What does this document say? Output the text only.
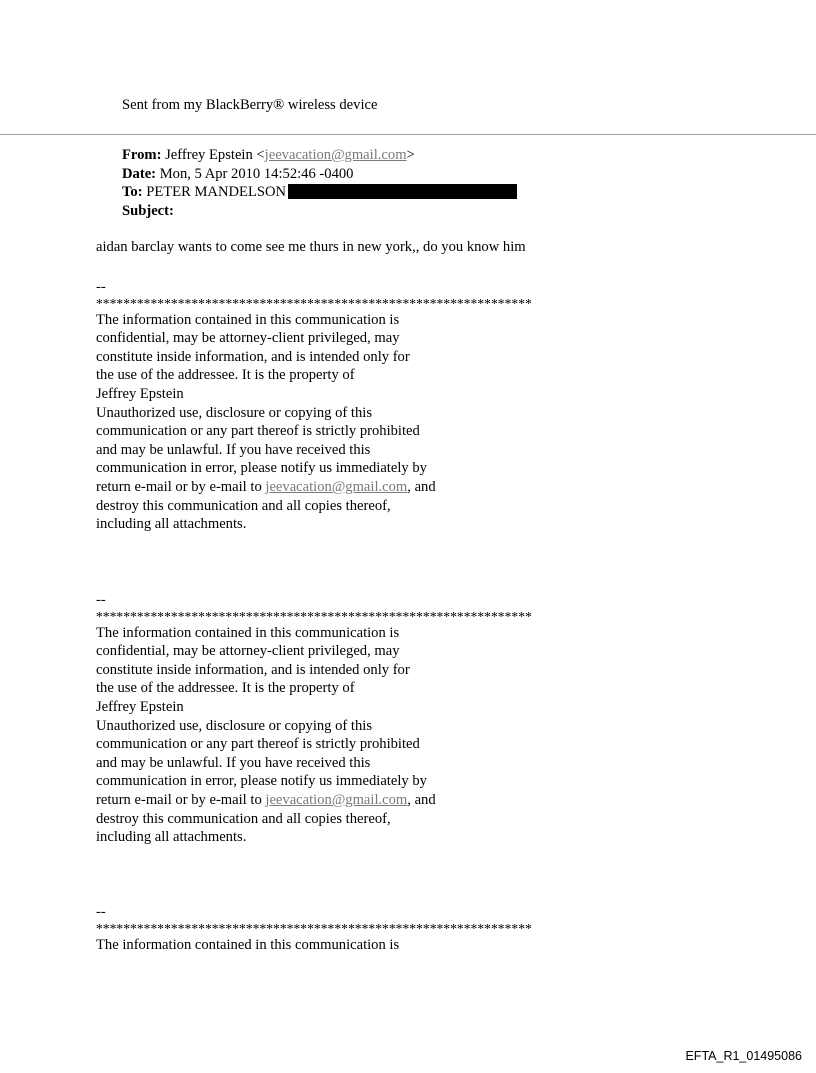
Sent from my BlackBerry® wireless device

From: Jeffrey Epstein <jeevacation@gmail.com>
Date: Mon, 5 Apr 2010 14:52:46 -0400
To: PETER MANDELSON
Subject:

aidan barclay wants to come see me thurs in new york,, do you know him

--
****************************************************************
The information contained in this communication is
confidential, may be attorney-client privileged, may
constitute inside information, and is intended only for
the use of the addressee. It is the property of
Jeffrey Epstein
Unauthorized use, disclosure or copying of this
communication or any part thereof is strictly prohibited
and may be unlawful. If you have received this
communication in error, please notify us immediately by
return e-mail or by e-mail to jeevacation@gmail.com, and
destroy this communication and all copies thereof,
including all attachments.
--
****************************************************************
The information contained in this communication is
confidential, may be attorney-client privileged, may
constitute inside information, and is intended only for
the use of the addressee. It is the property of
Jeffrey Epstein
Unauthorized use, disclosure or copying of this
communication or any part thereof is strictly prohibited
and may be unlawful. If you have received this
communication in error, please notify us immediately by
return e-mail or by e-mail to jeevacation@gmail.com, and
destroy this communication and all copies thereof,
including all attachments.
--
****************************************************************
The information contained in this communication is
EFTA_R1_01495086
